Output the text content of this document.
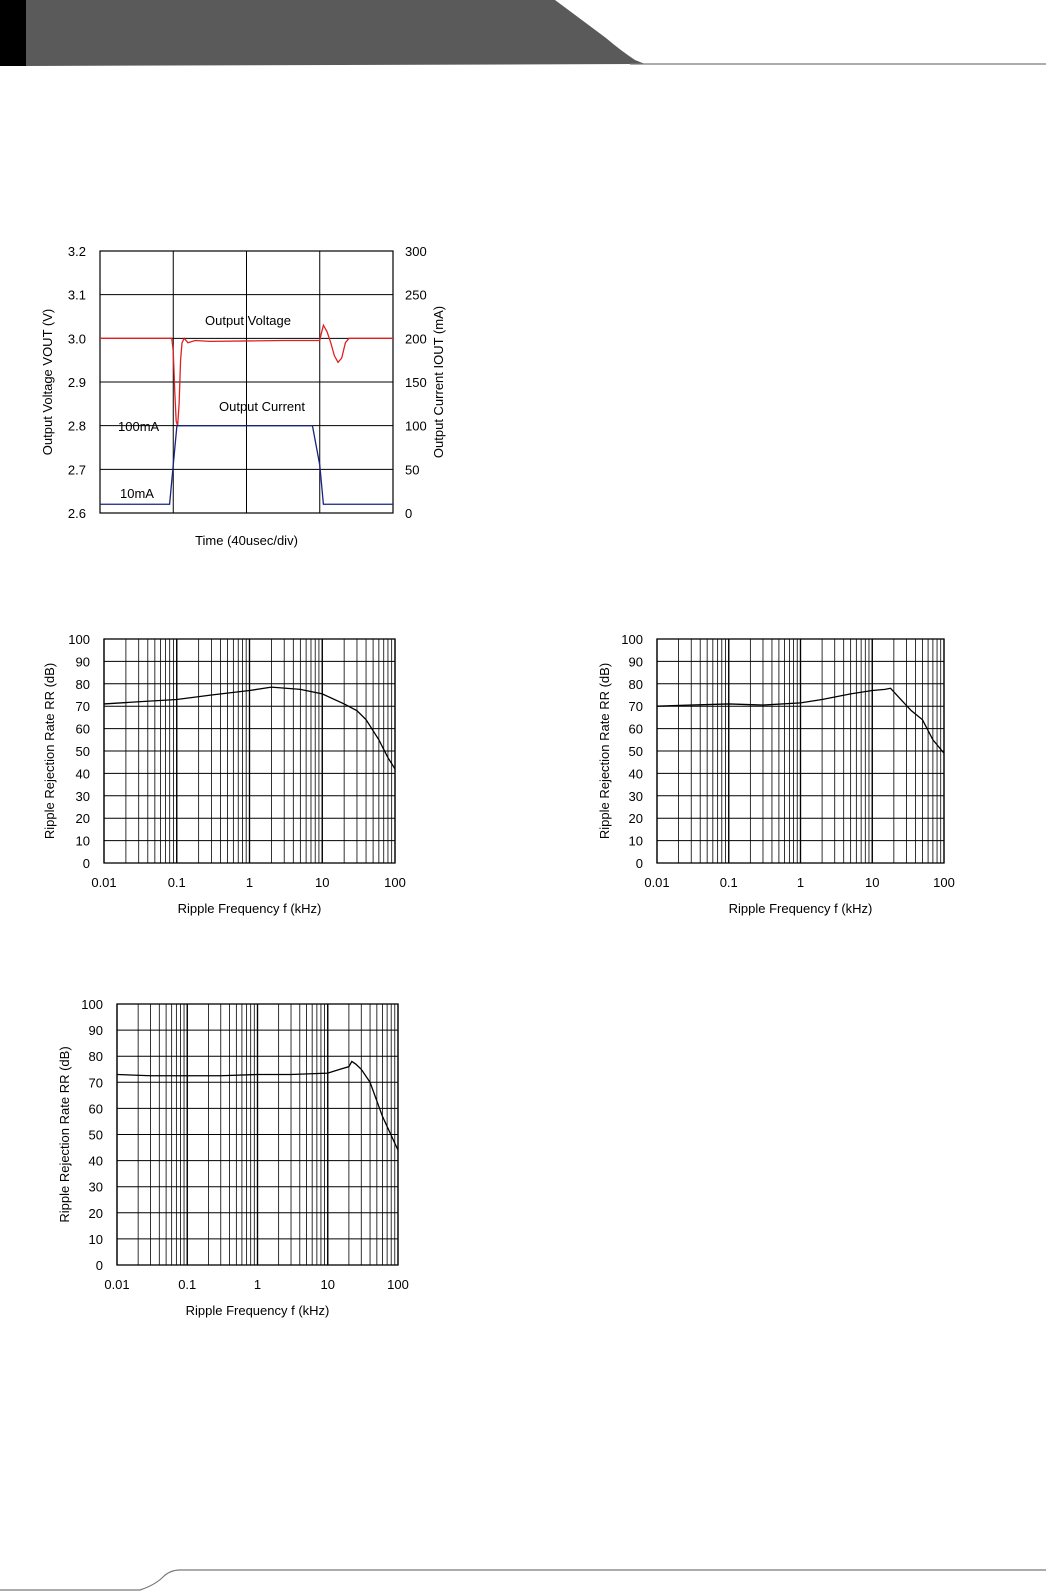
3.2
3.1
3.0
2.9
2.8
2.7
2.6
300
250
200
150
100
50
0
Time (40usec/div)
Output Voltage VOUT (V)	Output Current IOUT (mA)
Output Voltage
Output Current
100mA
10mA
0
10
20
30
40
50
60
70
80
90
100
0.01	0.1	1	10	100
Ripple Frequency f (kHz)
Ripple Rejection Rate RR (dB)
0
10
20
30
40
50
60
70
80
90
100
0.01	0.1	1	10	100
Ripple Frequency f (kHz)
Ripple Rejection Rate RR (dB)
0
10
20
30
40
50
60
70
80
90
100
0.01	0.1	1	10	100
Ripple Frequency f (kHz)
Ripple Rejection Rate RR (dB)
